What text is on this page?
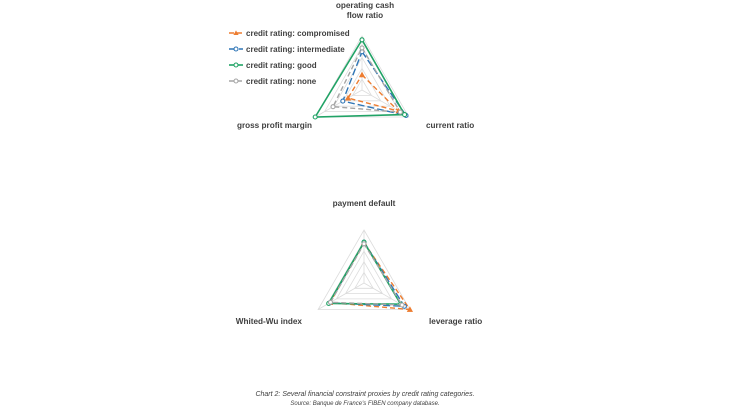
operating cash
flow ratio
current ratio
gross profit margin
credit rating: compromised
credit rating: intermediate
credit rating: good
credit rating: none
payment default
leverage ratio
Whited-Wu index
Chart 2: Several financial constraint proxies by credit rating categories.
Source: Banque de France's FIBEN company database.
